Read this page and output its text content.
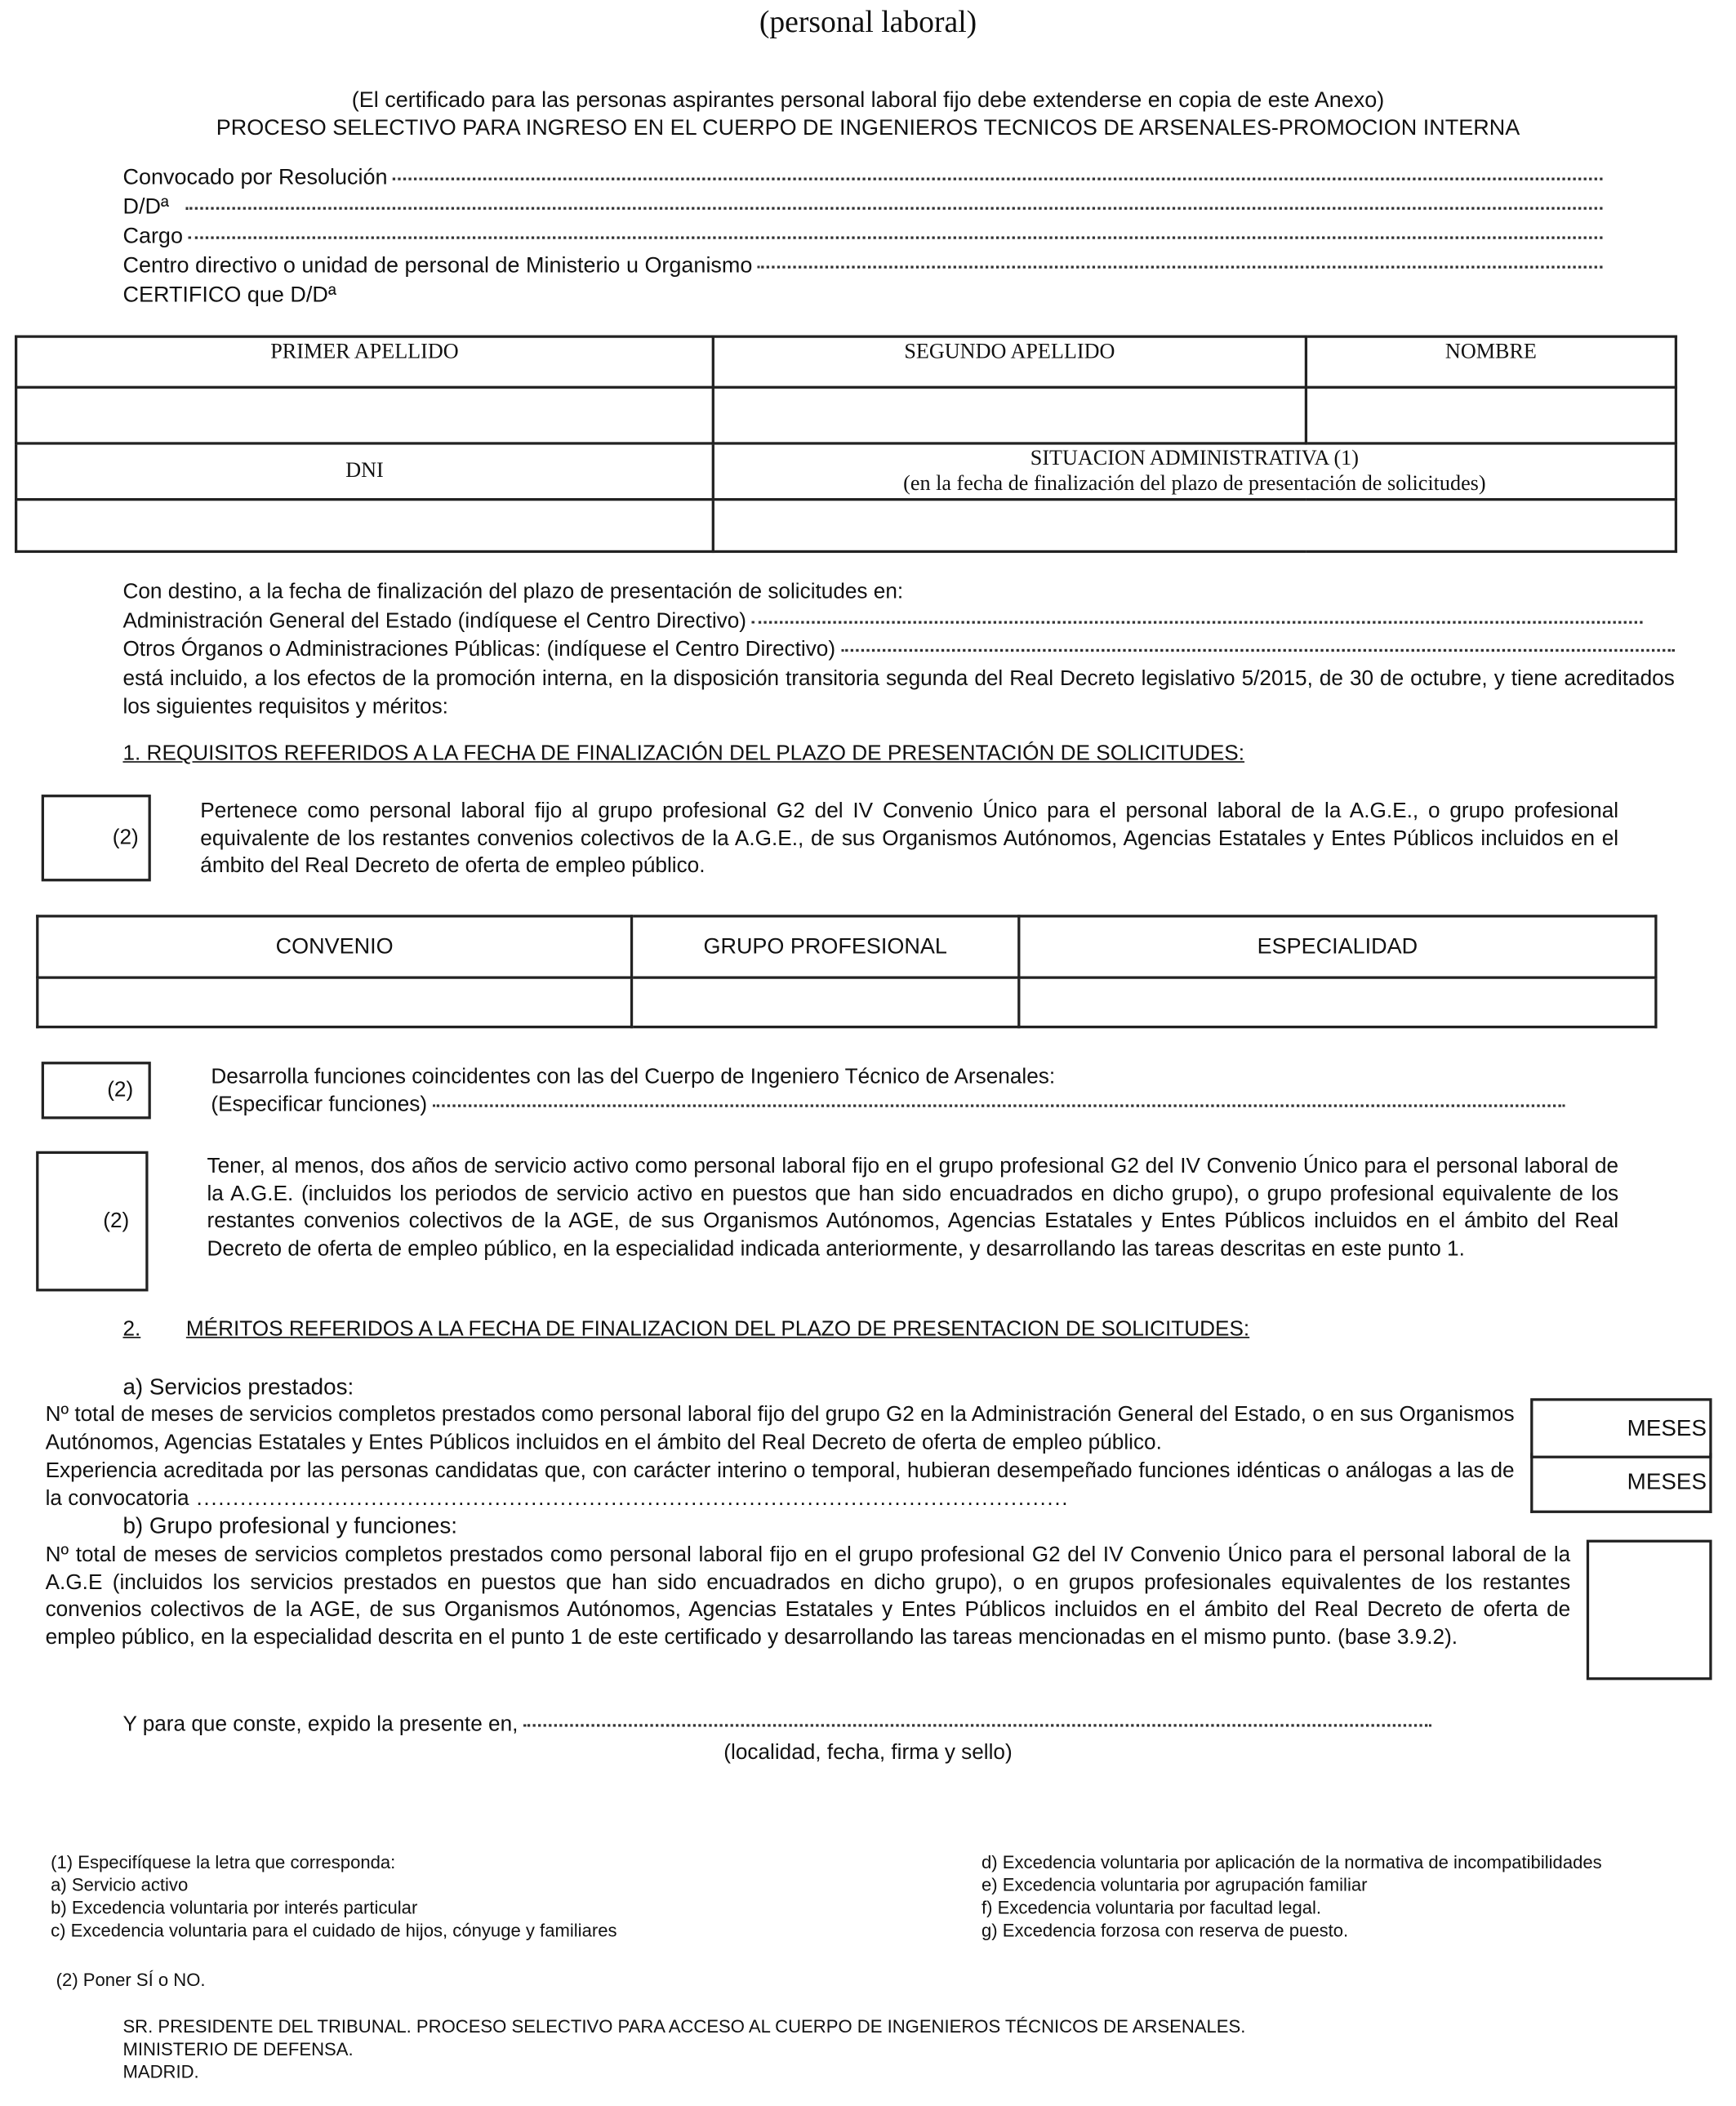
(personal laboral)
(El certificado para las personas aspirantes personal laboral fijo debe extenderse en copia de este Anexo)
PROCESO SELECTIVO PARA INGRESO EN EL CUERPO DE INGENIEROS TECNICOS DE ARSENALES-PROMOCION INTERNA
Convocado por Resolución
D/Dª
Cargo
Centro directivo o unidad de personal de Ministerio u Organismo
CERTIFICO que D/Dª
PRIMER APELLIDO	SEGUNDO APELLIDO	NOMBRE

DNI	SITUACION ADMINISTRATIVA (1)
(en la fecha de finalización del plazo de presentación de solicitudes)	

Con destino, a la fecha de finalización del plazo de presentación de solicitudes en:
Administración General del Estado (indíquese el Centro Directivo)
Otros Órganos o Administraciones Públicas: (indíquese el Centro Directivo)
está incluido, a los efectos de la promoción interna, en la disposición transitoria segunda del Real Decreto legislativo 5/2015, de 30 de octubre, y tiene acreditados los siguientes requisitos y méritos:
1. REQUISITOS REFERIDOS A LA FECHA DE FINALIZACIÓN DEL PLAZO DE PRESENTACIÓN DE SOLICITUDES:
(2)
Pertenece como personal laboral fijo al grupo profesional G2 del IV Convenio Único para el personal laboral de la A.G.E., o grupo profesional equivalente de los restantes convenios colectivos de la A.G.E., de sus Organismos Autónomos, Agencias Estatales y Entes Públicos incluidos en el ámbito del Real Decreto de oferta de empleo público.
CONVENIO	GRUPO PROFESIONAL	ESPECIALIDAD

(2)
Desarrolla funciones coincidentes con las del Cuerpo de Ingeniero Técnico de Arsenales:
(Especificar funciones)
(2)
Tener, al menos, dos años de servicio activo como personal laboral fijo en el grupo profesional G2 del IV Convenio Único para el personal laboral de la A.G.E. (incluidos los periodos de servicio activo en puestos que han sido encuadrados en dicho grupo), o grupo profesional equivalente de los restantes convenios colectivos de la AGE, de sus Organismos Autónomos, Agencias Estatales y Entes Públicos incluidos en el ámbito del Real Decreto de oferta de empleo público, en la especialidad indicada anteriormente, y desarrollando las tareas descritas en este punto 1.
2.	MÉRITOS REFERIDOS A LA FECHA DE FINALIZACION DEL PLAZO DE PRESENTACION DE SOLICITUDES:
a) Servicios prestados:
Nº total de meses de servicios completos prestados como personal laboral fijo del grupo G2 en la Administración General del Estado, o en sus Organismos Autónomos, Agencias Estatales y Entes Públicos incluidos en el ámbito del Real Decreto de oferta de empleo público.
Experiencia acreditada por las personas candidatas que, con carácter interino o temporal, hubieran desempeñado funciones idénticas o análogas a las de la convocatoria ........................................................................................................................
MESES
MESES
b) Grupo profesional y funciones:
Nº total de meses de servicios completos prestados como personal laboral fijo en el grupo profesional G2 del IV Convenio Único para el personal laboral de la A.G.E (incluidos los servicios prestados en puestos que han sido encuadrados en dicho grupo), o en grupos profesionales equivalentes de los restantes convenios colectivos de la AGE, de sus Organismos Autónomos, Agencias Estatales y Entes Públicos incluidos en el ámbito del Real Decreto de oferta de empleo público, en la especialidad descrita en el punto 1 de este certificado y desarrollando las tareas mencionadas en el mismo punto. (base 3.9.2).
Y para que conste, expido la presente en,
(localidad, fecha, firma y sello)
(1) Especifíquese la letra que corresponda:
a) Servicio activo
b) Excedencia voluntaria por interés particular
c) Excedencia voluntaria para el cuidado de hijos, cónyuge y familiares
d) Excedencia voluntaria por aplicación de la normativa de incompatibilidades
e) Excedencia voluntaria por agrupación familiar
f) Excedencia voluntaria por facultad legal.
g) Excedencia forzosa con reserva de puesto.
(2) Poner SÍ o NO.
SR. PRESIDENTE DEL TRIBUNAL. PROCESO SELECTIVO PARA ACCESO AL CUERPO DE INGENIEROS TÉCNICOS DE ARSENALES.
MINISTERIO DE DEFENSA.
MADRID.
